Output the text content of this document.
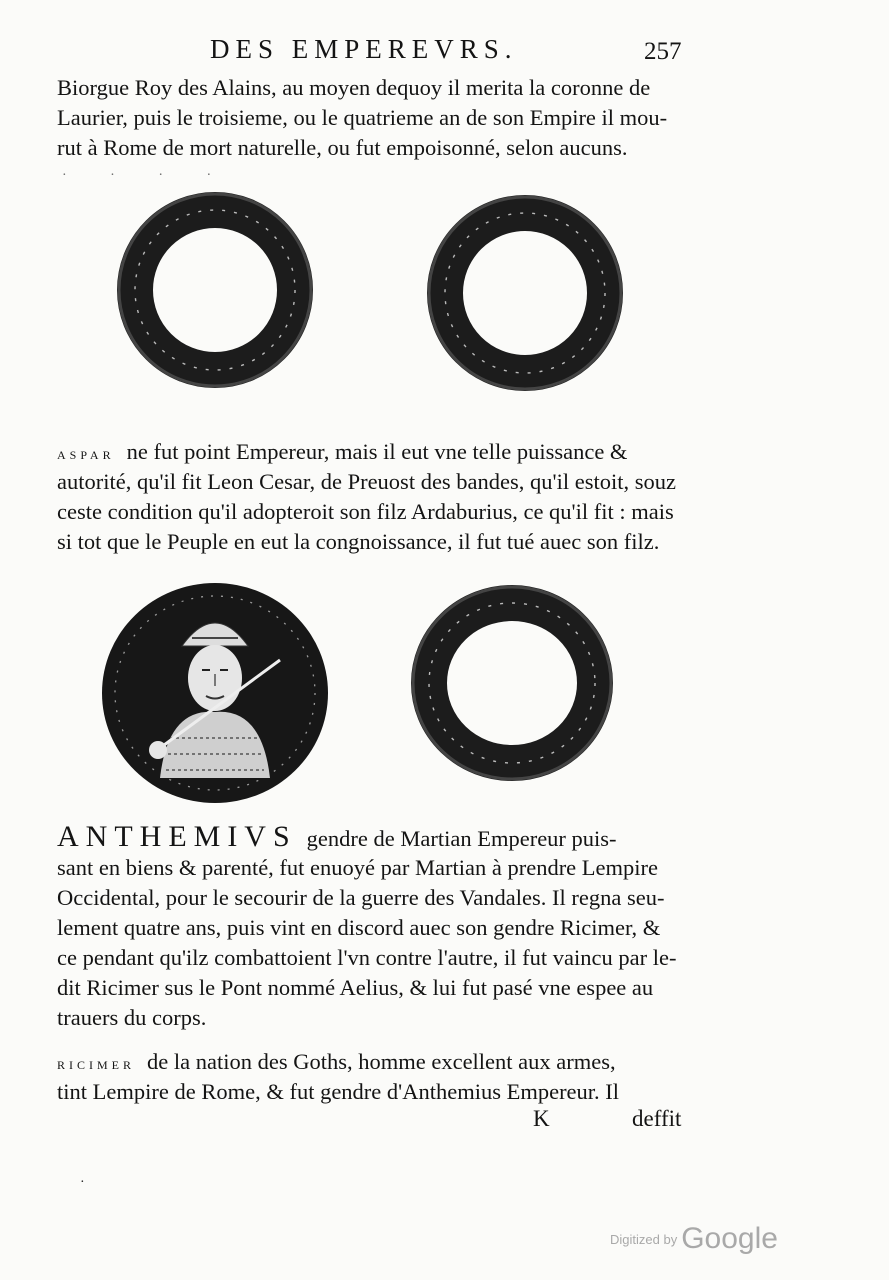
DES EMPEREVRS.	257
Biorgue Roy des Alains, au moyen dequoy il merita la coronne de
Laurier, puis le troisieme, ou le quatrieme an de son Empire il mou-
rut à Rome de mort naturelle, ou fut empoisonné, selon aucuns.
· · · ·
ASPAR ne fut point Empereur, mais il eut vne telle puissance &
autorité, qu'il fit Leon Cesar, de Preuost des bandes, qu'il estoit, souz
ceste condition qu'il adopteroit son filz Ardaburius, ce qu'il fit : mais
si tot que le Peuple en eut la congnoissance, il fut tué auec son filz.
ANTHEMIVS gendre de Martian Empereur puis-
sant en biens & parenté, fut enuoyé par Martian à prendre Lempire
Occidental, pour le secourir de la guerre des Vandales. Il regna seu-
lement quatre ans, puis vint en discord auec son gendre Ricimer, &
ce pendant qu'ilz combattoient l'vn contre l'autre, il fut vaincu par le-
dit Ricimer sus le Pont nommé Aelius, & lui fut pasé vne espee au
trauers du corps.
RICIMER de la nation des Goths, homme excellent aux armes,
tint Lempire de Rome, & fut gendre d'Anthemius Empereur. Il
K	deffit
·
Digitized by Google
